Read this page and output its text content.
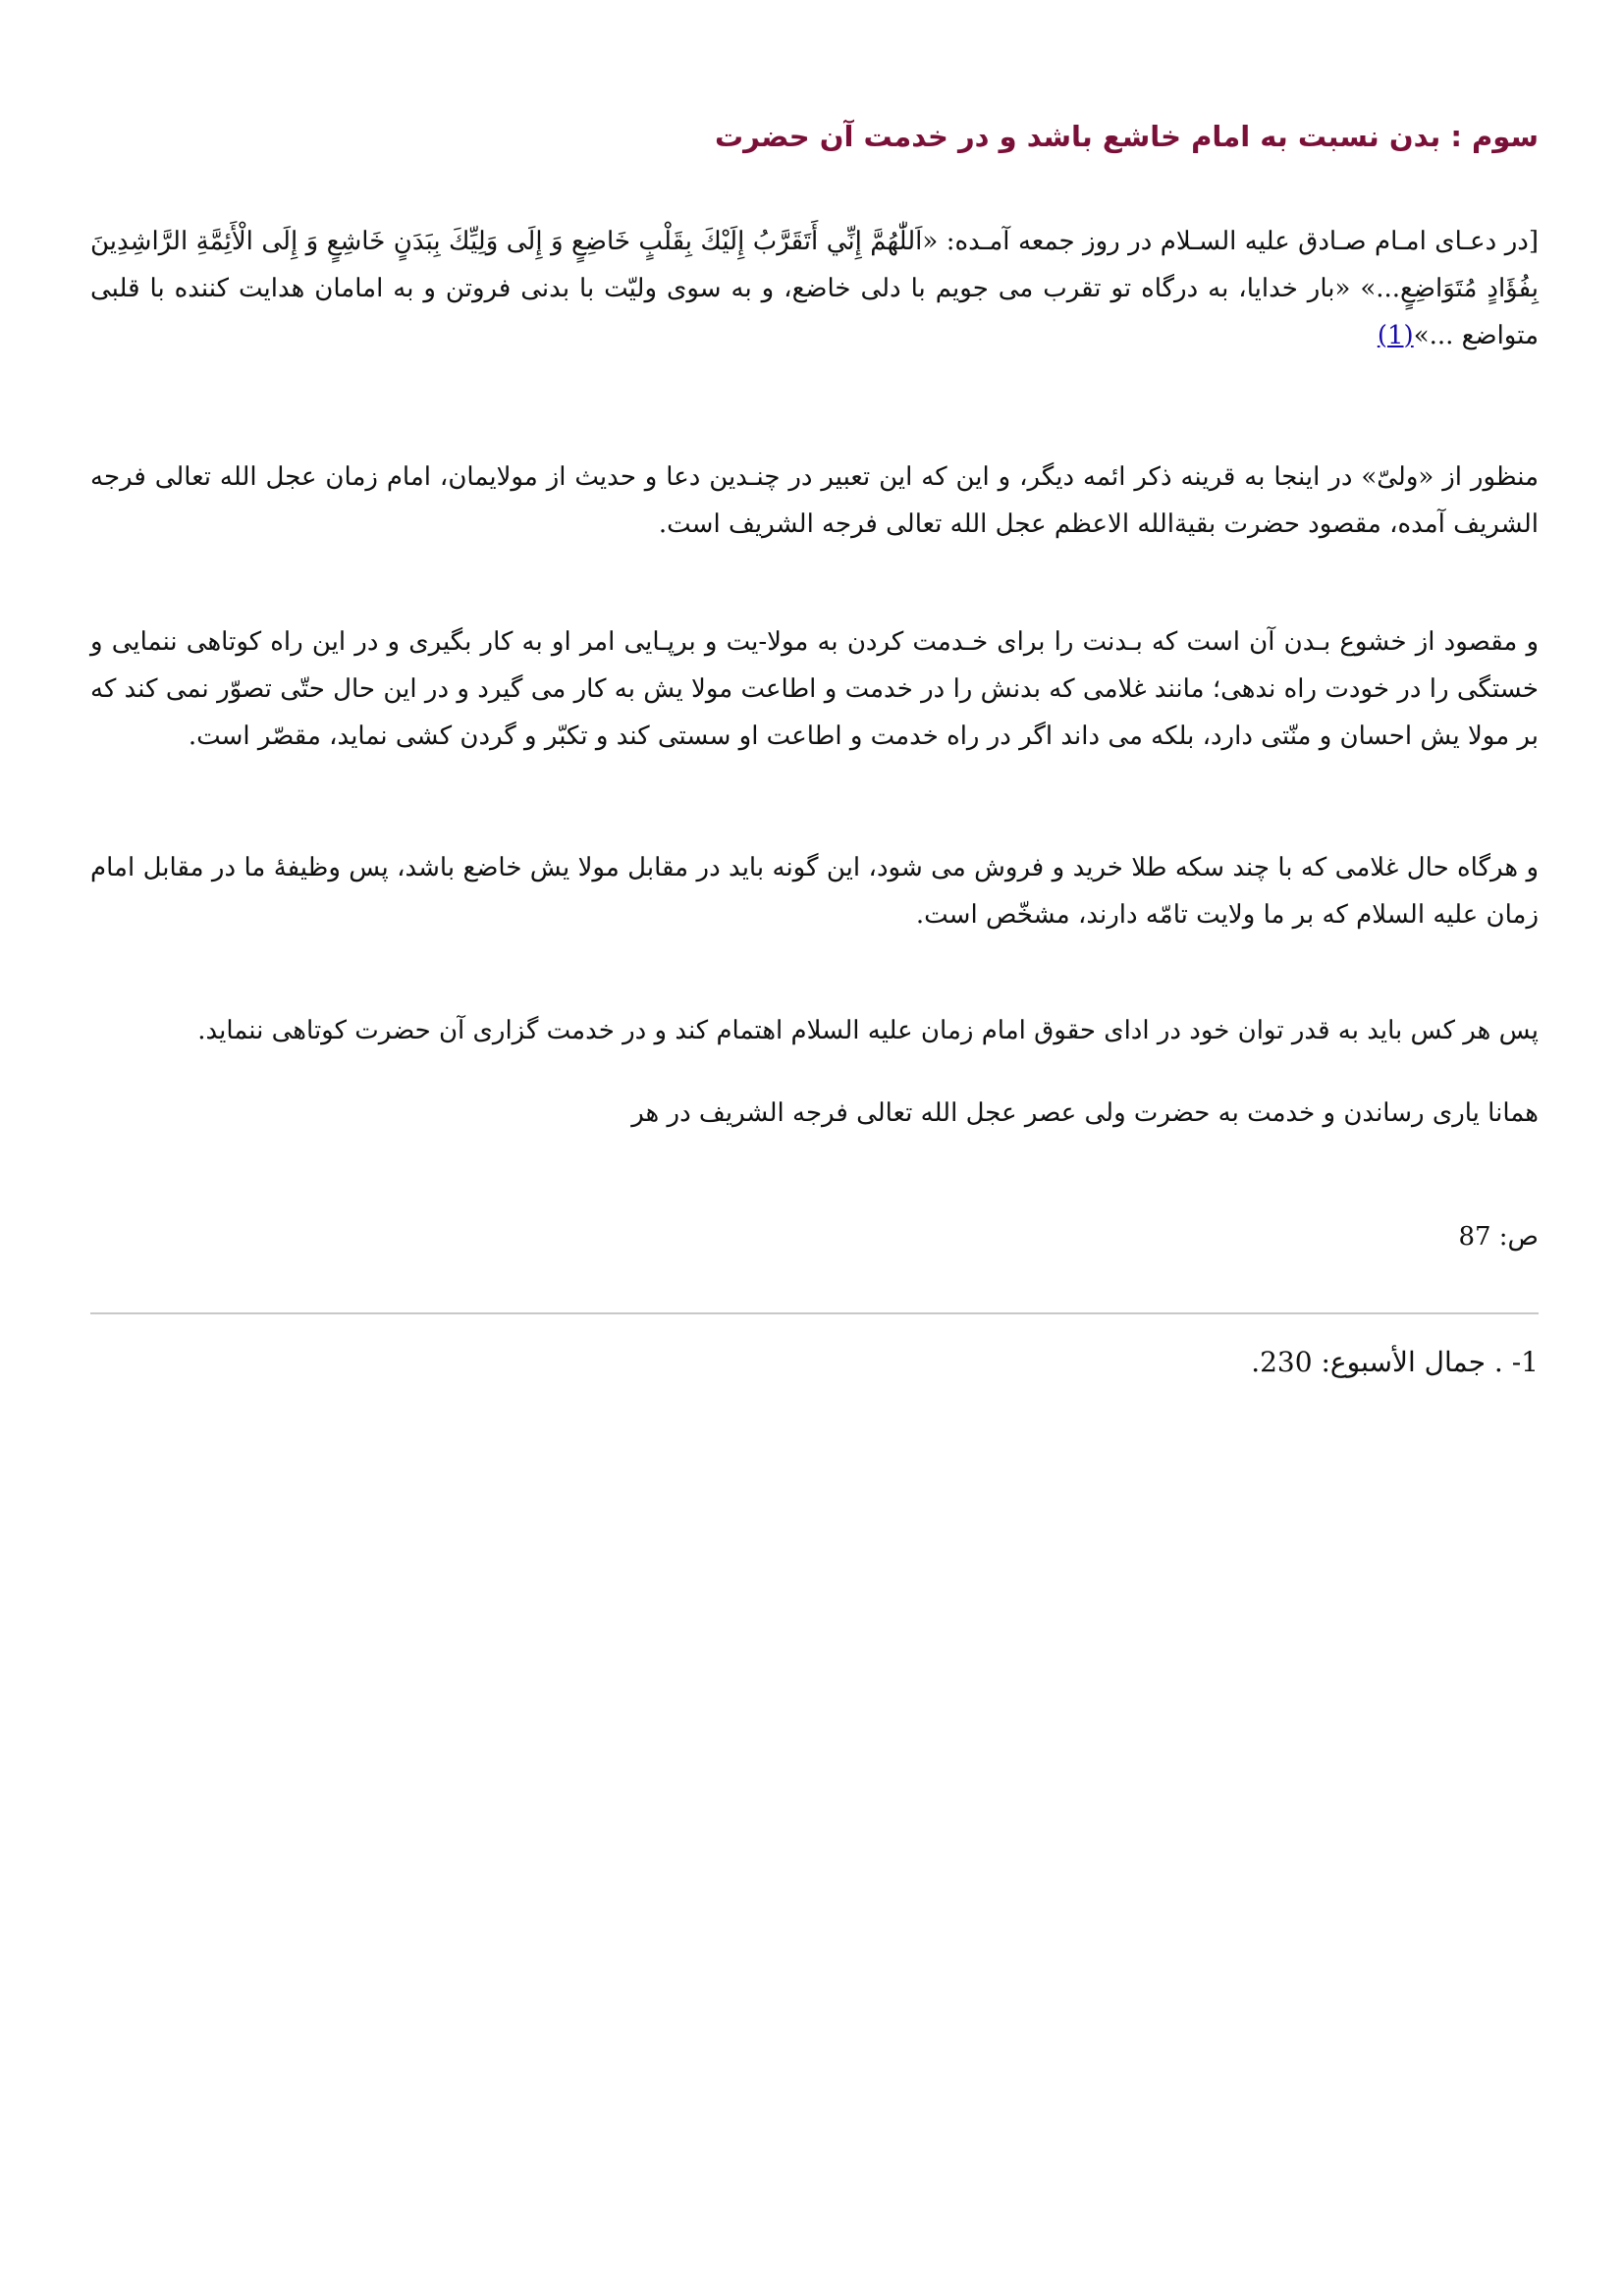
سوم : بدن نسبت به امام خاشع باشد و در خدمت آن حضرت

[در دعـای امـام صـادق علیه السـلام در روز جمعه آمـده: «اَللّٰهُمَّ إِنِّي أَتَقَرَّبُ إِلَيْكَ بِقَلْبٍ خَاضِعٍ وَ إِلَى وَلِيِّكَ بِبَدَنٍ خَاشِعٍ وَ إِلَى الْأَئِمَّةِ الرَّاشِدِينَ بِفُؤَادٍ مُتَوَاضِعٍ...» «بار خدایا، به درگاه تو تقرب می جویم با دلی خاضع، و به سوی ولیّت با بدنی فروتن و به امامان هدایت کننده با قلبی متواضع ...»(1)

منظور از «ولیّ» در اینجا به قرینه ذکر ائمه دیگر، و این که این تعبیر در چنـدین دعا و حدیث از مولایمان، امام زمان عجل الله تعالی فرجه الشریف آمده، مقصود حضرت بقیةالله الاعظم عجل الله تعالی فرجه الشریف است.

و مقصود از خشوع بـدن آن است که بـدنت را برای خـدمت کردن به مولا-یت و برپـایی امر او به کار بگیری و در این راه کوتاهی ننمایی و خستگی را در خودت راه ندهی؛ مانند غلامی که بدنش را در خدمت و اطاعت مولا یش به کار می گیرد و در این حال حتّی تصوّر نمی کند که بر مولا یش احسان و منّتی دارد، بلکه می داند اگر در راه خدمت و اطاعت او سستی کند و تکبّر و گردن کشی نماید، مقصّر است.

و هرگاه حال غلامی که با چند سکه طلا خرید و فروش می شود، این گونه باید در مقابل مولا یش خاضع باشد، پس وظیفهٔ ما در مقابل امام زمان علیه السلام که بر ما ولایت تامّه دارند، مشخّص است.

پس هر کس باید به قدر توان خود در ادای حقوق امام زمان علیه السلام اهتمام کند و در خدمت گزاری آن حضرت کوتاهی ننماید.

همانا یاری رساندن و خدمت به حضرت ولی عصر عجل الله تعالی فرجه الشریف در هر

ص: 87

1- . جمال الأسبوع: 230.
